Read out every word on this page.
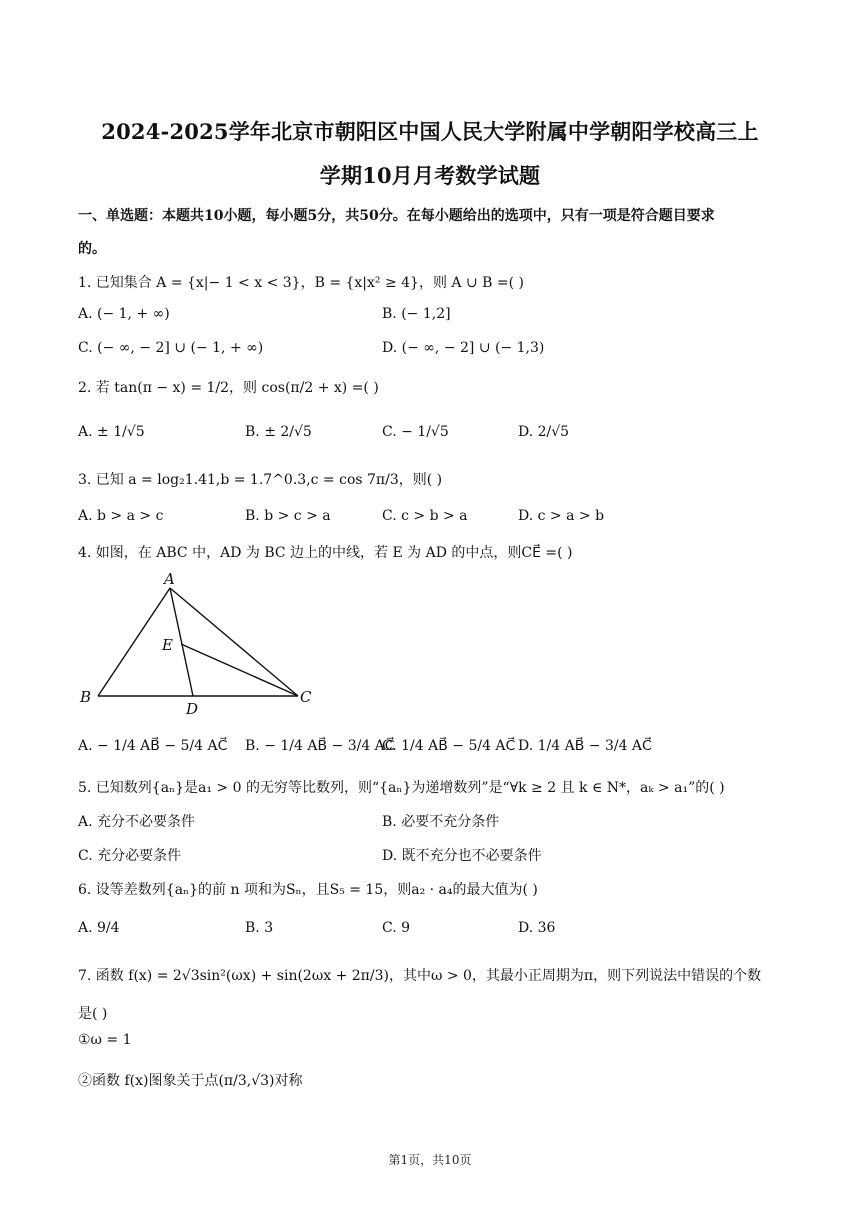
2024-2025学年北京市朝阳区中国人民大学附属中学朝阳学校高三上
学期10月月考数学试题
一、单选题：本题共10小题，每小题5分，共50分。在每小题给出的选项中，只有一项是符合题目要求
的。
1. 已知集合 A = {x|− 1 < x < 3}，B = {x|x² ≥ 4}，则 A ∪ B =( )
A. (− 1, + ∞)	B. (− 1,2]
C. (− ∞, − 2] ∪ (− 1, + ∞)	D. (− ∞, − 2] ∪ (− 1,3)
2. 若 tan(π − x) = 1/2，则 cos(π/2 + x) =( )
A. ± 1/√5	B. ± 2/√5	C. − 1/√5	D. 2/√5
3. 已知 a = log₂1.41,b = 1.7^0.3,c = cos 7π/3，则( )
A. b > a > c	B. b > c > a	C. c > b > a	D. c > a > b
4. 如图，在 ABC 中，AD 为 BC 边上的中线，若 E 为 AD 的中点，则CE⃗ =( )
A
B	C
D
E
A. − 1/4 AB⃗ − 5/4 AC⃗ B. − 1/4 AB⃗ − 3/4 AC⃗
C. 1/4 AB⃗ − 5/4 AC⃗ D. 1/4 AB⃗ − 3/4 AC⃗
5. 已知数列{aₙ}是a₁ > 0 的无穷等比数列，则“{aₙ}为递增数列”是“∀k ≥ 2 且 k ∈ N*，aₖ > a₁”的( )
A. 充分不必要条件	B. 必要不充分条件
C. 充分必要条件	D. 既不充分也不必要条件
6. 设等差数列{aₙ}的前 n 项和为Sₙ，且S₅ = 15，则a₂ · a₄的最大值为( )
A. 9/4	B. 3	C. 9	D. 36
7. 函数 f(x) = 2√3sin²(ωx) + sin(2ωx + 2π/3)，其中ω > 0，其最小正周期为π，则下列说法中错误的个数
是( )
①ω = 1
②函数 f(x)图象关于点(π/3,√3)对称
第1页，共10页
